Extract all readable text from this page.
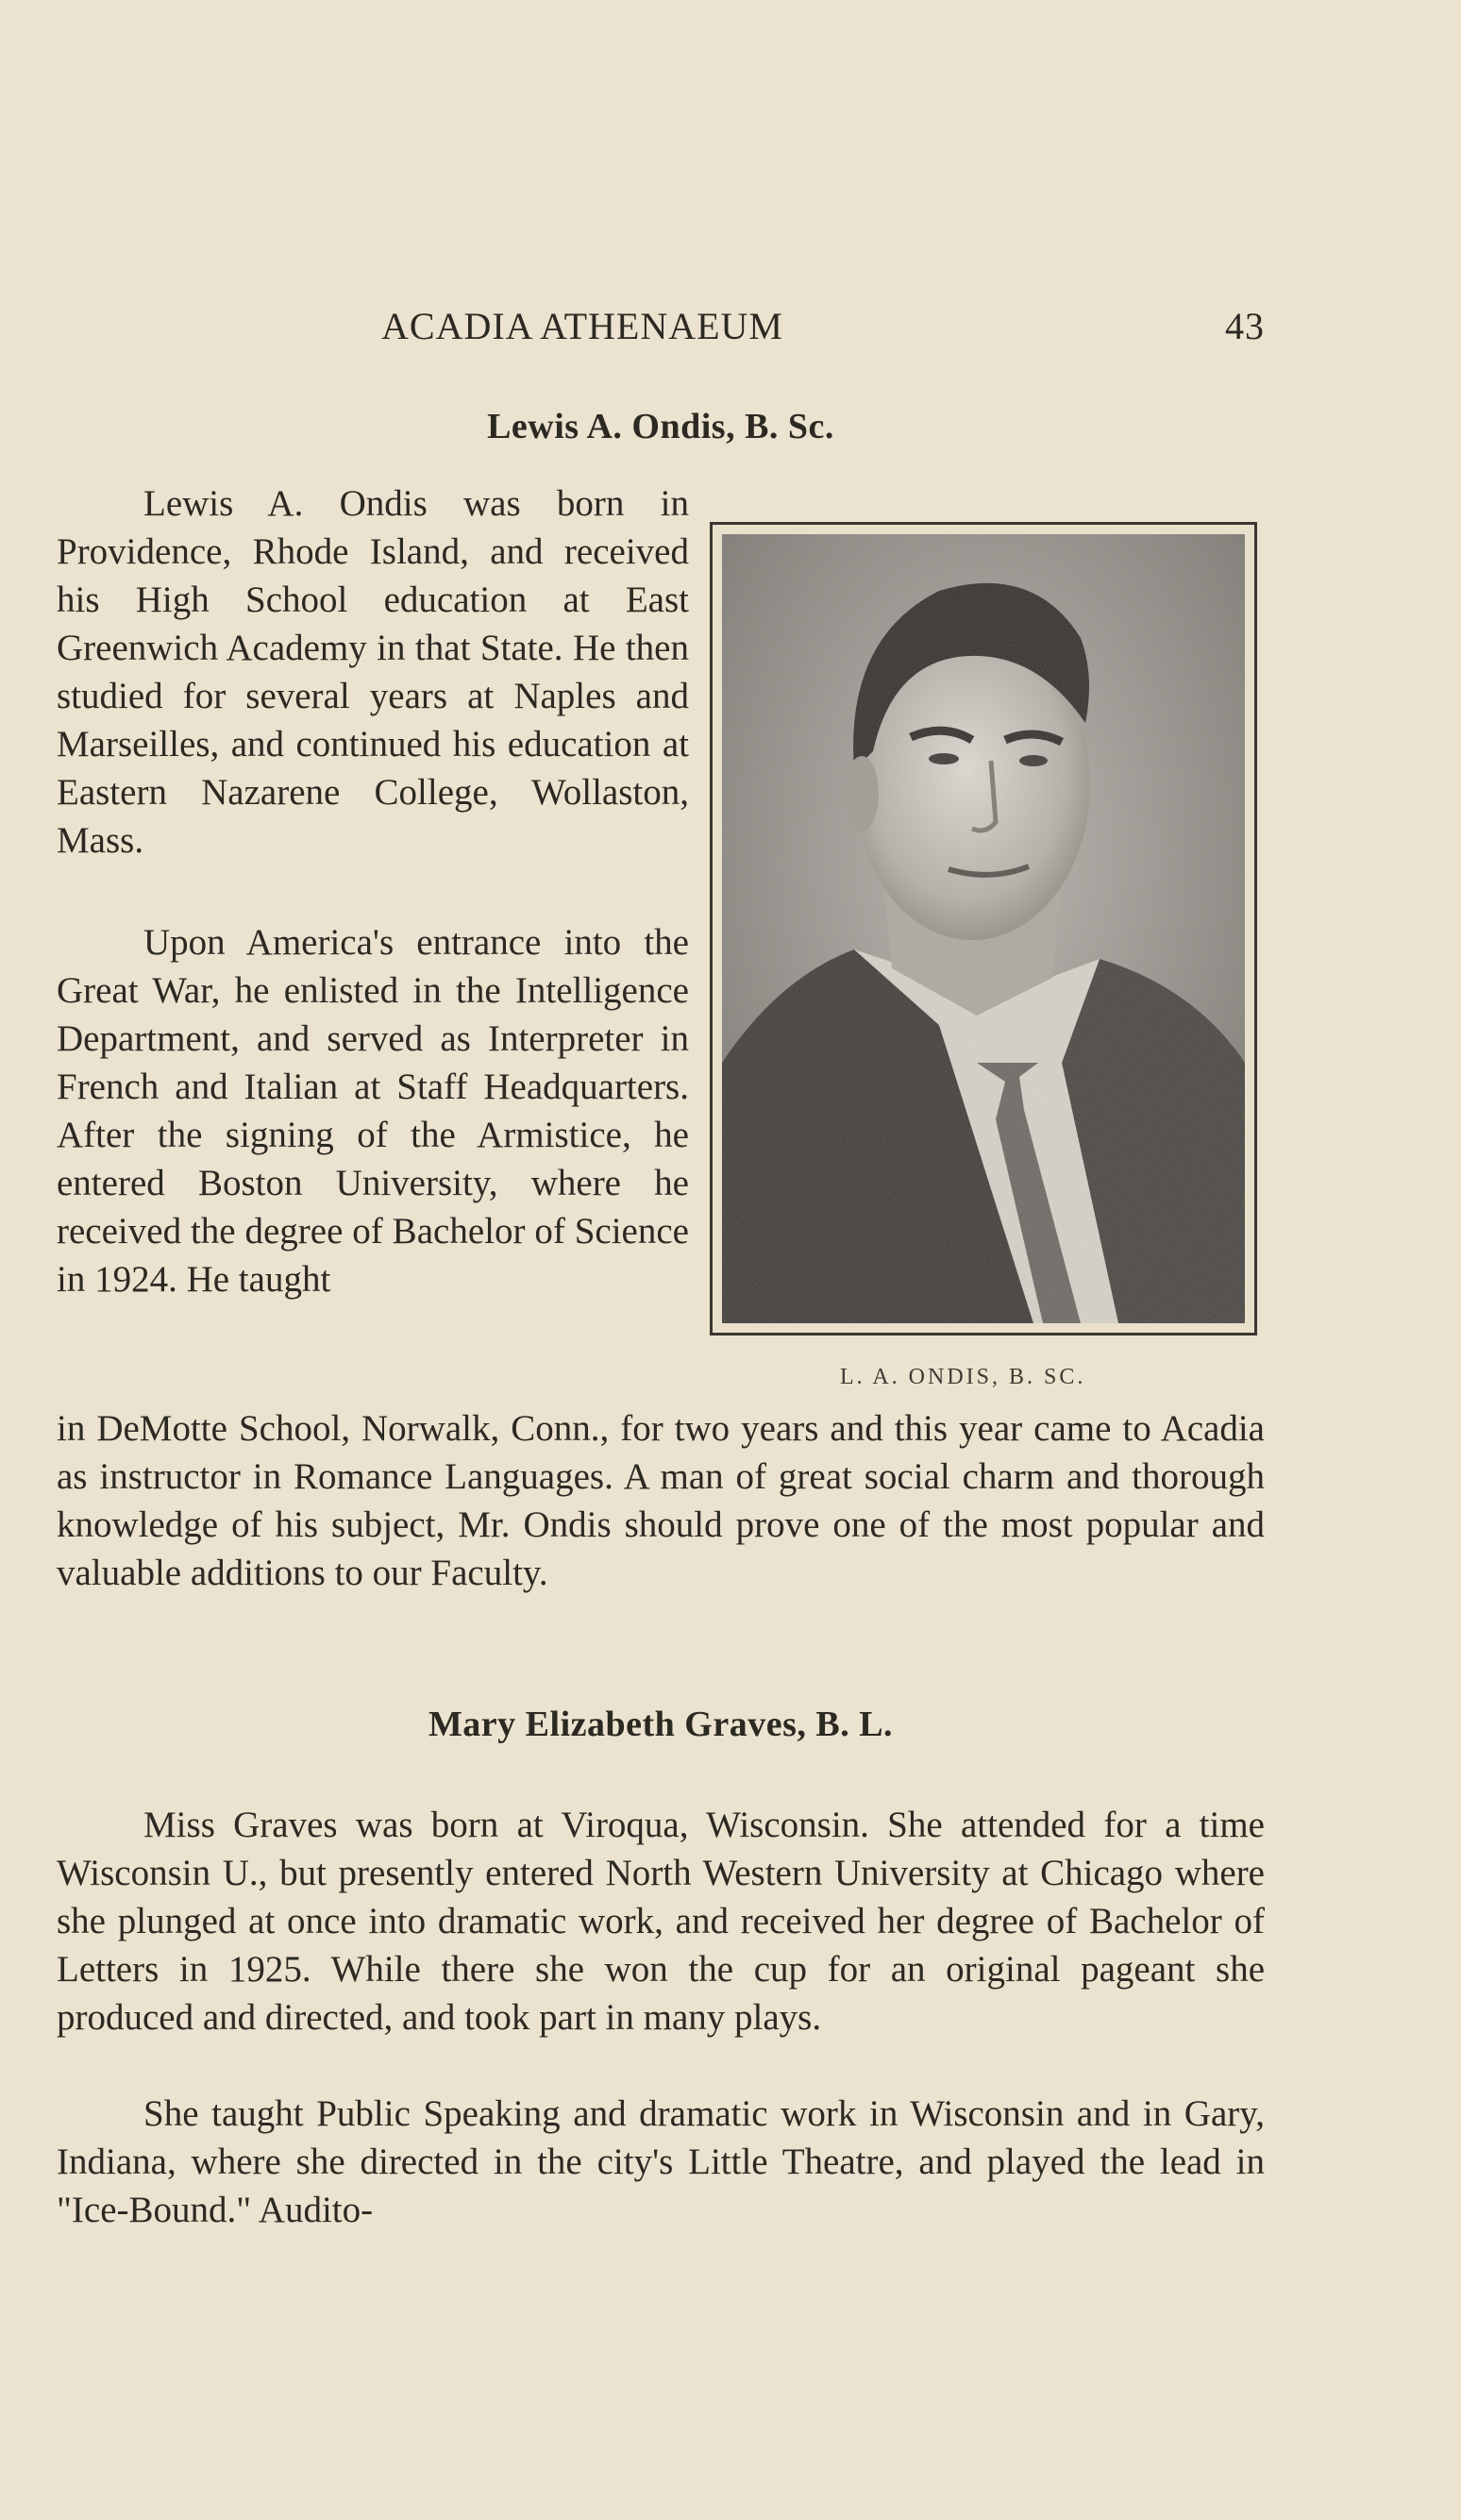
ACADIA ATHENAEUM	43
Lewis A. Ondis, B. Sc.

Lewis A. Ondis was born in Providence, Rhode Island, and received his High School education at East Greenwich Academy in that State. He then studied for several years at Naples and Marseilles, and continued his education at Eastern Nazarene College, Wollaston, Mass.

Upon America's entrance into the Great War, he enlisted in the Intelligence Department, and served as Interpreter in French and Italian at Staff Headquarters. After the signing of the Armistice, he entered Boston University, where he received the degree of Bachelor of Science in 1924. He taught

in DeMotte School, Norwalk, Conn., for two years and this year came to Acadia as instructor in Romance Languages. A man of great social charm and thorough knowledge of his subject, Mr. Ondis should prove one of the most popular and valuable additions to our Faculty.

L. A. ONDIS, B. SC.
Mary Elizabeth Graves, B. L.

Miss Graves was born at Viroqua, Wisconsin. She attended for a time Wisconsin U., but presently entered North Western University at Chicago where she plunged at once into dramatic work, and received her degree of Bachelor of Letters in 1925. While there she won the cup for an original pageant she produced and directed, and took part in many plays.

She taught Public Speaking and dramatic work in Wisconsin and in Gary, Indiana, where she directed in the city's Little Theatre, and played the lead in "Ice-Bound." Audito-
